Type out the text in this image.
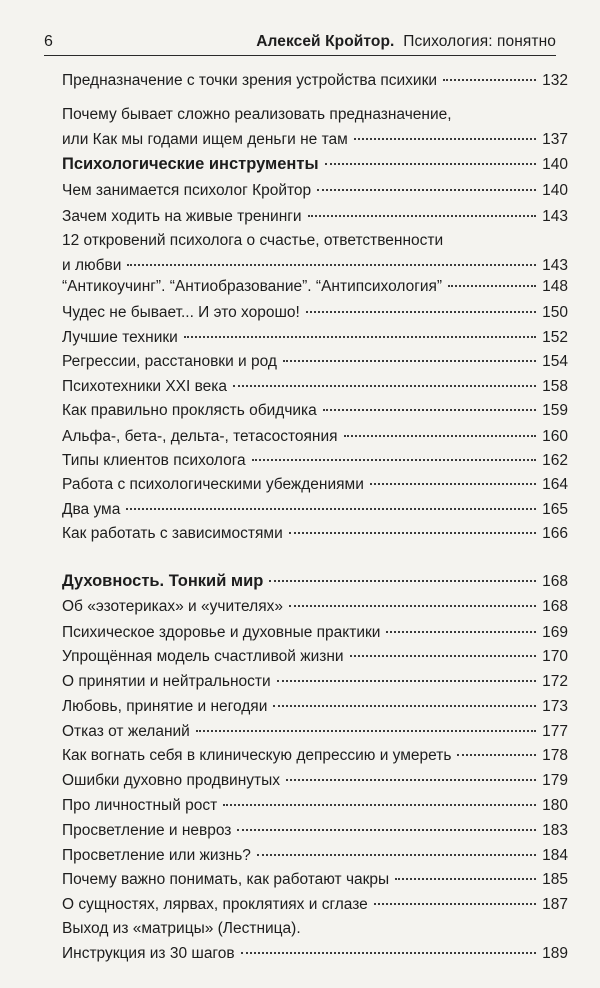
6	Алексей Кройтор. Психология: понятно
Предназначение с точки зрения устройства психики	132
Почему бывает сложно реализовать предназначение,
или Как мы годами ищем деньги не там	137
Психологические инструменты	140
Чем занимается психолог Кройтор	140
Зачем ходить на живые тренинги	143
12 откровений психолога о счастье, ответственности
и любви	143
“Антикоучинг”. “Антиобразование”. “Антипсихология”	148
Чудес не бывает... И это хорошо!	150
Лучшие техники	152
Регрессии, расстановки и род	154
Психотехники XXI века	158
Как правильно проклясть обидчика	159
Альфа-, бета-, дельта-, тетасостояния	160
Типы клиентов психолога	162
Работа с психологическими убеждениями	164
Два ума	165
Как работать с зависимостями	166
Духовность. Тонкий мир	168
Об «эзотериках» и «учителях»	168
Психическое здоровье и духовные практики	169
Упрощённая модель счастливой жизни	170
О принятии и нейтральности	172
Любовь, принятие и негодяи	173
Отказ от желаний	177
Как вогнать себя в клиническую депрессию и умереть	178
Ошибки духовно продвинутых	179
Про личностный рост	180
Просветление и невроз	183
Просветление или жизнь?	184
Почему важно понимать, как работают чакры	185
О сущностях, лярвах, проклятиях и сглазе	187
Выход из «матрицы» (Лестница).
Инструкция из 30 шагов	189
